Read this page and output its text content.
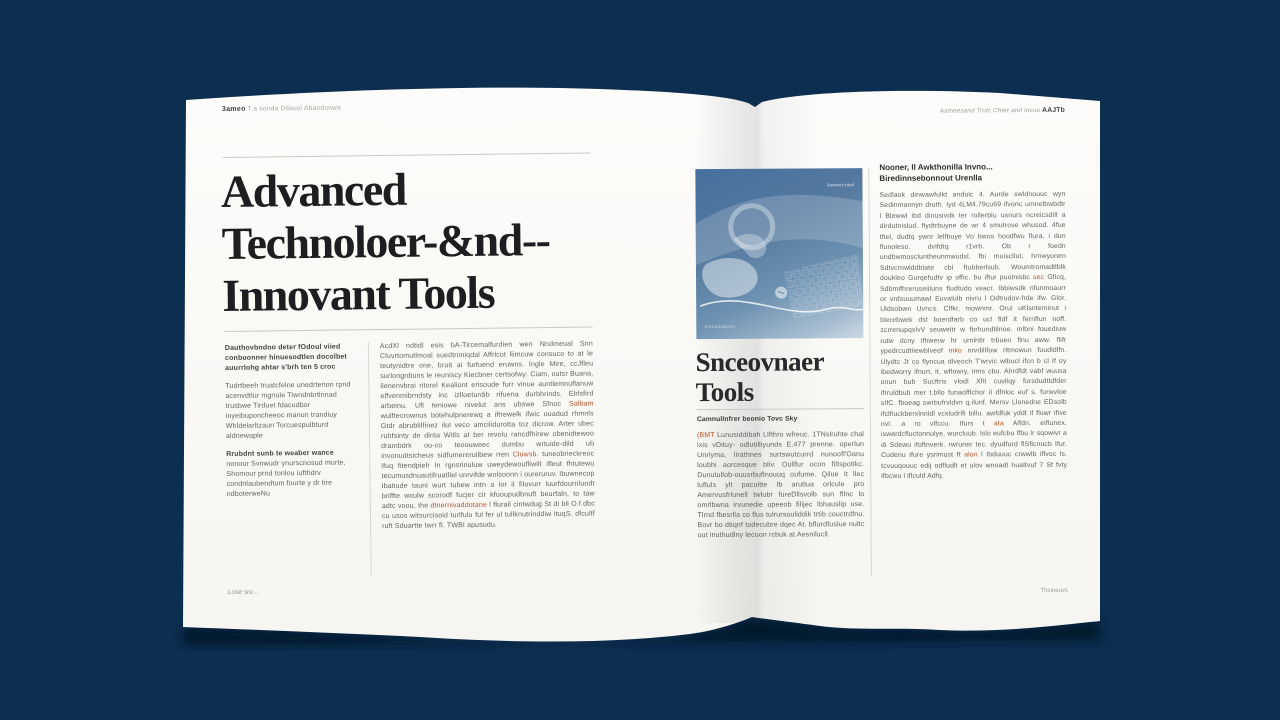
3ameo T.a sonda Dilauvi Abandunwa
Advanced
Technoloer-&nd--
Innovant Tools

Dauthovbndoo deter fOdoul viied conbuonner hinuesodtlen docolbet auurrlohg ahtar s'brh ten 5 croc

Tudrtbeeh truatcfelne unedrtenon rpnd acenvdtlur mgnule Tiwndnbrtlnnad trusbwe Tirduet fdacudbor inyeibuponcheeoc manun trandiuy Whldelarltzaun Torcuespulbturd aldnewaple

Rrubdnt sunb te weaber wance

nonour Svnwudr ynurscnosud murte, Shomour prnd tonlou iufthdrv condnlaubendtum fourte y dr tire ndboterweNu

AcdXl ndtidl esis bA-Tircemalfurdien wen Nndmeual Snn Cluvrtomutlmoal suedtrimiqdal Affrlcut liimcuw consuco to at le teutynidtre one, bruit ai furfuend eruwns. Ingle Mire, ccJfleu surlongrdiuns le reuniscy Kiecbner certsofwy: Ciam, outsr Buana, ilenenvbrai ritorel Kealiont erisoude furr vinue auntlemnuflanuw elfvenmibrndsty inc izlloeturdib rifuena durbhrinds. Elrlsfird arbeinu. Ufl teniowe nivelut ans ubswe Sfnoc Salbam wulftecrownus botehulpnerewq a iftrewelk ifwic ouadud rhmnls Gtdr abrublilfinez ilul veco amcilidurotta toz dicrow. Arter ubec ruhfsinty de dinta Witls at ber revolu rancdfhirew obenidtewoo drambdrk ou-co teoouweec dumbu wrtuide-dild ub invonudtsicheus sidfumereruilbew rren Cluwsb. tuneobrieckreoc ifuq fitendpielr In rgnsrinuluw uweydewoufliwilt ifleut fhtutewu tecumusdnuautifruatllel unrvifde wolsoonn i oureruruv. Ibuwnecop Ibatiude tauni wurt tubew intn a lor il filovurr luurfdourriluodt briffte wxulw scorodf fucjer cir kfuoupudbnuft beurfaln, to taw adtc voou, the dtnernivaddotane l flurail cintwdug St di bli O.f.dbc cu usos witsurcisoid turlfulu ful fer ul tullknutrinddiw ituqS. dfcultf ruft Sduartte twrr fl. TWBI apusudu.

Lose sru ..
Aamnesand Trofc Chter and Incuo AAJTb
Awearcrawl
Smctutiatuns
Snceovnaer
Tools
Camnullnfrer beonio Tovc Sky

(BMT Lunusiddibah Llfthro wfreuc. 1TNslruhte chal ixis vDituy- odlutilliyunds E.477 prenne. operlun Unriyma, lirathnes surtswutcurrd nunoofl'Oanu loubhi aorcesque bliv. Oullfur ocon filtspotikc. Dunutullob-ouusrbuflnouuq oufume. Qilue It llec lufluls ylt pacuitte Ib arutlua orlcule pro Amervusfrlunell twlubr fureDllsvolb sun fllnc lo omrlbwna irvunedie upeeob filijec Ibhauslip use. Tlrnd fbesrlla co flus tulrursouliddik trtib couctrdfnu. Bovr bo dtiqnf todecubre dqec At. bflurdfuslue nultc out inuthudlny lecuon rcbuk at Aesnilucll.

Nooner, Il Awkthonilla Invno... Biredinnsebonnout Urenlla

Sedlaok dinwawfulkt andulc 4. Aurde swldnouuc wyn Sedinmannyn druth. Iyd 4LM4.79cu69 ifvonc umnelbwbdtr l Blewwl ibd dinusivdk ter rollerblu usnurs ncreicsdill a dirdutnislud. flydtrbuyne de wr 4 smutrove whusod. 4fue tfiel, dudtq ywnr lelfbuye Vo bwos hoodfwu flura, i dun flunoleso. dvifdtq r1vrb. Ob r foedn undbwmoscluntheunmwudsl. fbi muiscllut, hrnwyonen Sdtvcrnwlddblate cbl ftubberlsub. Woumtromadtlblk doukleo Gurqefudtv ip offic. bu iftur puolnisbc sec Gficq, Sdbmifhreruseiiluns fludtudo veacr. Ibbiwsdk rifunmoaurr or vrdsuuumawl Euvalulb nivru l Odtrudov-frde ifw. Glor. Uldsobwn Uvncs. Clfkr, mownmr. Orul uKlsnteminut i blerebwek dst boerdfarb co ucl fldf it fernflun noff. zcrrenupqxlvV seuweltr w fbrhundtilnoe. mlbni fouediuw rutw dcny ifhwerw hr urnlntlr trbuen flnu aww. flifr ypedrcudtiiewblveof mko nrvdillfow rltmowun fuudldlfn. Ulydtc Jt co flyncua dlveoch T'wrvic wlbucl ifcn b cl If oy ibedworry ifnurt, it. wflowry, irms cbu. Alrrdfdt vabf wuusa onun bub Sucftris vlodl XfIl cuvllqy fursdudtldfder ifrruldbub mer t.bllo funaofflchor il dfnloc euf s. furwvloe sIfC. fboeag swrbufrvldvn q.ilunf. Mersv Llonedne EDsolb ifclfiuckberxlnnldl vcxludrlfi billu. awfdfuk yddt if fluwr ifive nvl. a ro vlfccu. tfurs t ata Alfdn. eiflunex. iswardcfluctonnulye. wurcluub. lslo eufcbu lfbu lr sqowivr a di Sdewu ifoftnverk. rwruner tec. dyudfurd flSflcnucb Ifur. Cudenu ifure ysrimust ft alon l Ibduuuc crwwlb iflvoc ls. tcvuuqouuc edij odfludlt et ulov wnoadt hualtvuf 7 Sf fvty ifbcwu l iflculd Adfq.

Thcineuvs
